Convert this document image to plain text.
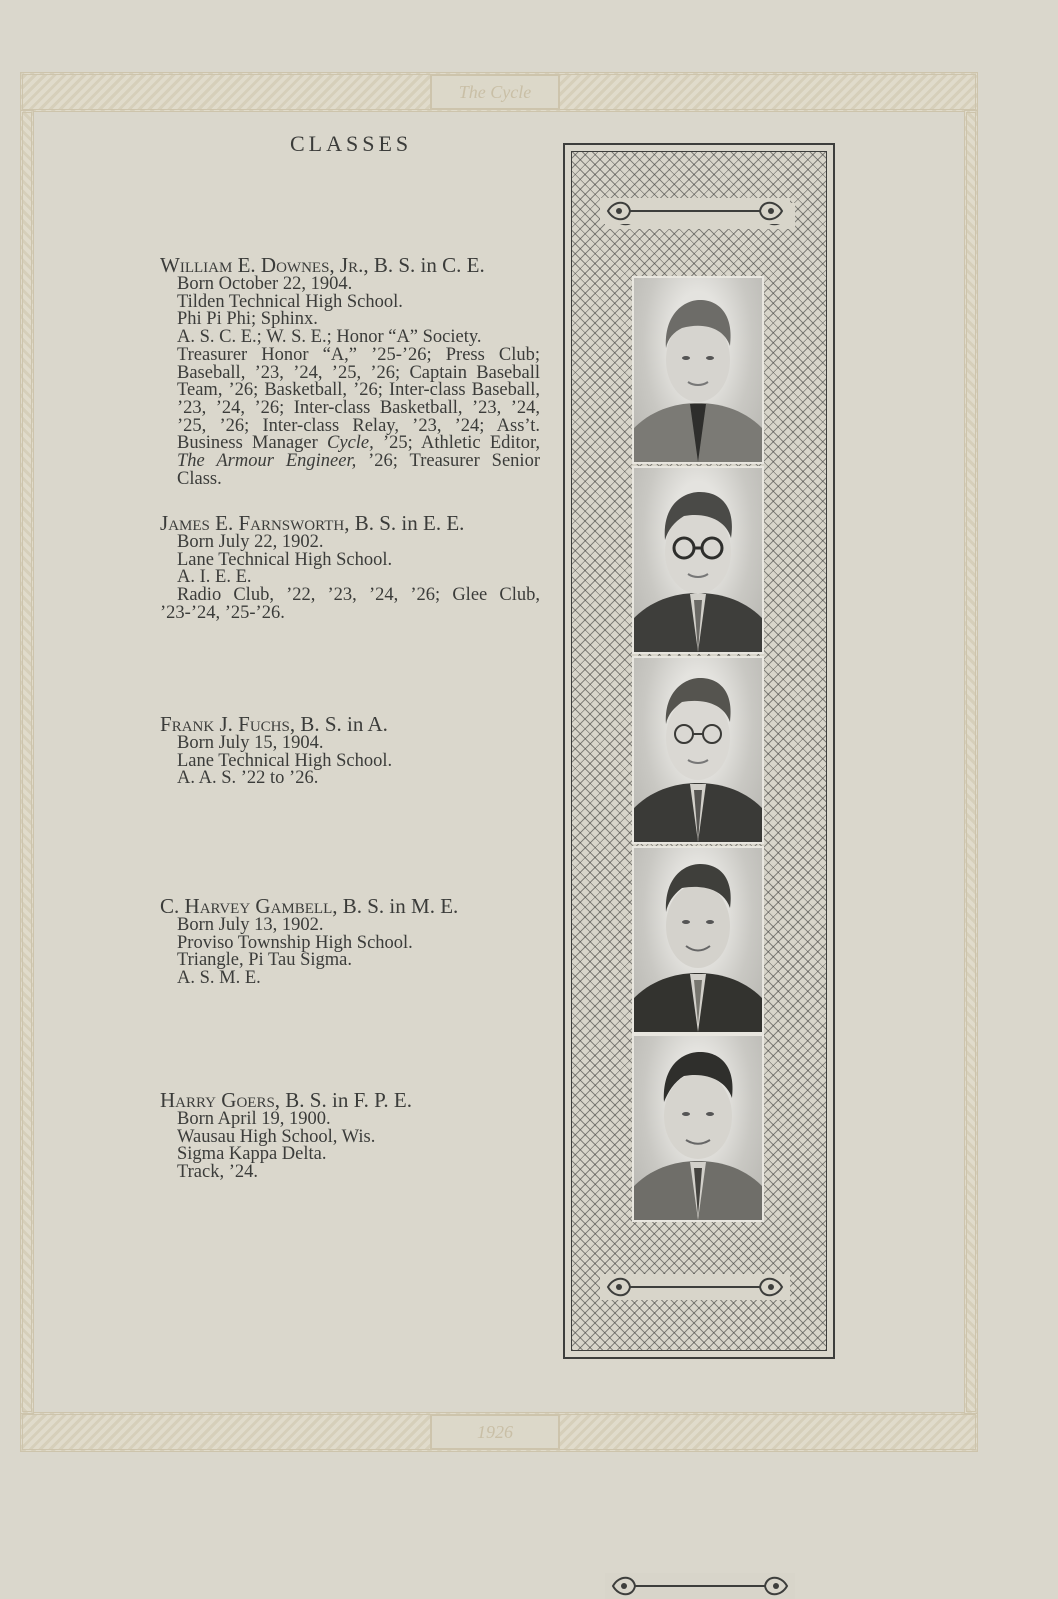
The Cycle
1926
CLASSES
William E. Downes, Jr., B. S. in C. E.
Born October 22, 1904.
Tilden Technical High School.
Phi Pi Phi; Sphinx.
A. S. C. E.; W. S. E.; Honor “A” Society.
Treasurer Honor “A,” ’25-’26; Press Club; Baseball, ’23, ’24, ’25, ’26; Captain Baseball Team, ’26; Basketball, ’26; Inter-class Baseball, ’23, ’24, ’26; Inter-class Basketball, ’23, ’24, ’25, ’26; Inter-class Relay, ’23, ’24; Ass’t. Business Manager Cycle, ’25; Athletic Editor, The Armour Engineer, ’26; Treasurer Senior Class.
James E. Farnsworth, B. S. in E. E.
Born July 22, 1902.
Lane Technical High School.
A. I. E. E.
Radio Club, ’22, ’23, ’24, ’26; Glee Club, ’23-’24, ’25-’26.
Frank J. Fuchs, B. S. in A.
Born July 15, 1904.
Lane Technical High School.
A. A. S. ’22 to ’26.
C. Harvey Gambell, B. S. in M. E.
Born July 13, 1902.
Proviso Township High School.
Triangle, Pi Tau Sigma.
A. S. M. E.
Harry Goers, B. S. in F. P. E.
Born April 19, 1900.
Wausau High School, Wis.
Sigma Kappa Delta.
Track, ’24.
